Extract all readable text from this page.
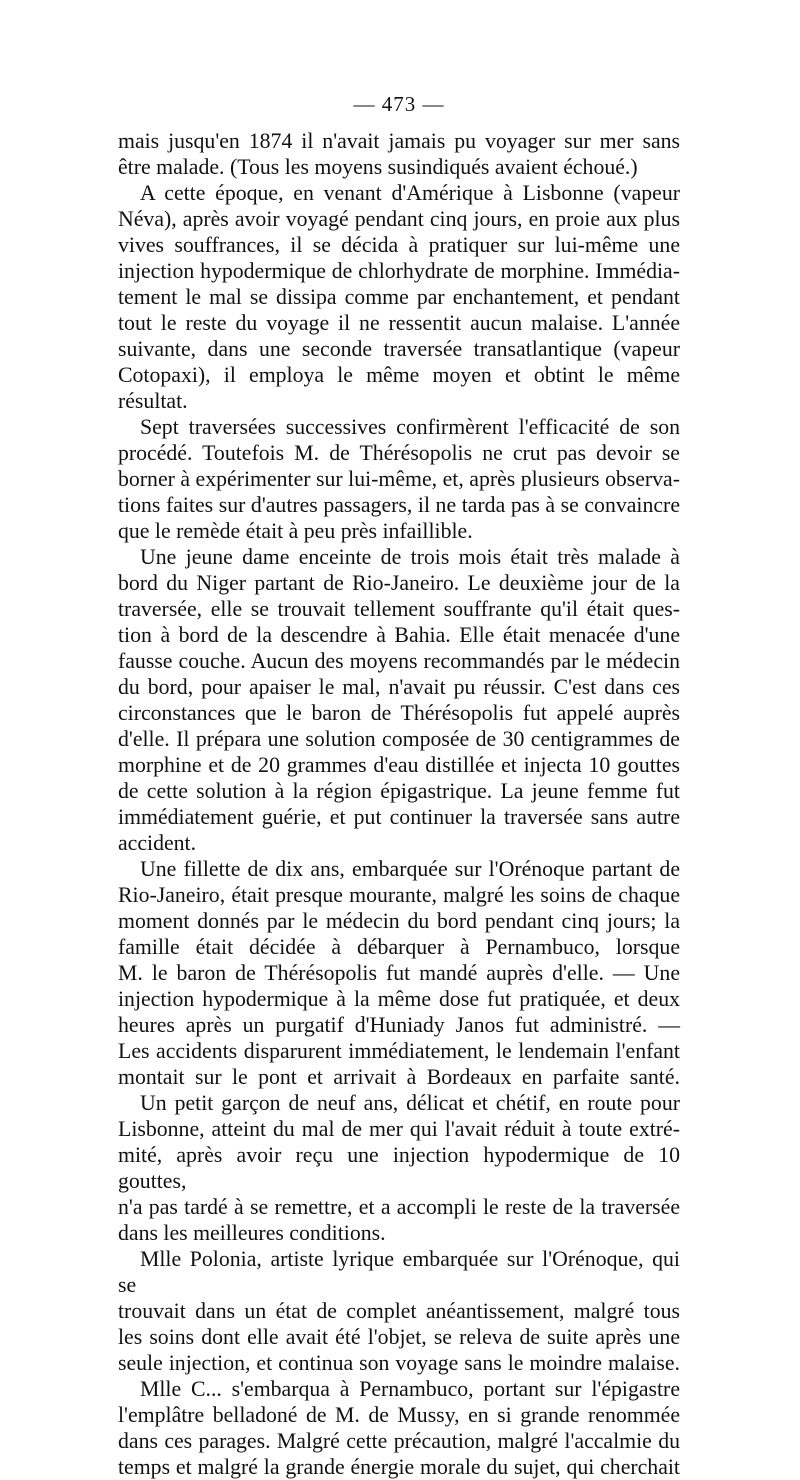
— 473 —

mais jusqu'en 1874 il n'avait jamais pu voyager sur mer sans

être malade. (Tous les moyens susindiqués avaient échoué.)

A cette époque, en venant d'Amérique à Lisbonne (vapeur

Néva), après avoir voyagé pendant cinq jours, en proie aux plus

vives souffrances, il se décida à pratiquer sur lui-même une

injection hypodermique de chlorhydrate de morphine. Immédia-

tement le mal se dissipa comme par enchantement, et pendant

tout le reste du voyage il ne ressentit aucun malaise. L'année

suivante, dans une seconde traversée transatlantique (vapeur

Cotopaxi), il employa le même moyen et obtint le même résultat.

Sept traversées successives confirmèrent l'efficacité de son

procédé. Toutefois M. de Thérésopolis ne crut pas devoir se

borner à expérimenter sur lui-même, et, après plusieurs observa-

tions faites sur d'autres passagers, il ne tarda pas à se convaincre

que le remède était à peu près infaillible.

Une jeune dame enceinte de trois mois était très malade à

bord du Niger partant de Rio-Janeiro. Le deuxième jour de la

traversée, elle se trouvait tellement souffrante qu'il était ques-

tion à bord de la descendre à Bahia. Elle était menacée d'une

fausse couche. Aucun des moyens recommandés par le médecin

du bord, pour apaiser le mal, n'avait pu réussir. C'est dans ces

circonstances que le baron de Thérésopolis fut appelé auprès

d'elle. Il prépara une solution composée de 30 centigrammes de

morphine et de 20 grammes d'eau distillée et injecta 10 gouttes

de cette solution à la région épigastrique. La jeune femme fut

immédiatement guérie, et put continuer la traversée sans autre

accident.

Une fillette de dix ans, embarquée sur l'Orénoque partant de

Rio-Janeiro, était presque mourante, malgré les soins de chaque

moment donnés par le médecin du bord pendant cinq jours; la

famille était décidée à débarquer à Pernambuco, lorsque

M. le baron de Thérésopolis fut mandé auprès d'elle. — Une

injection hypodermique à la même dose fut pratiquée, et deux

heures après un purgatif d'Huniady Janos fut administré. —

Les accidents disparurent immédiatement, le lendemain l'enfant

montait sur le pont et arrivait à Bordeaux en parfaite santé.

Un petit garçon de neuf ans, délicat et chétif, en route pour

Lisbonne, atteint du mal de mer qui l'avait réduit à toute extré-

mité, après avoir reçu une injection hypodermique de 10 gouttes,

n'a pas tardé à se remettre, et a accompli le reste de la traversée

dans les meilleures conditions.

Mlle Polonia, artiste lyrique embarquée sur l'Orénoque, qui se

trouvait dans un état de complet anéantissement, malgré tous

les soins dont elle avait été l'objet, se releva de suite après une

seule injection, et continua son voyage sans le moindre malaise.

Mlle C... s'embarqua à Pernambuco, portant sur l'épigastre

l'emplâtre belladoné de M. de Mussy, en si grande renommée

dans ces parages. Malgré cette précaution, malgré l'accalmie du

temps et malgré la grande énergie morale du sujet, qui cherchait
